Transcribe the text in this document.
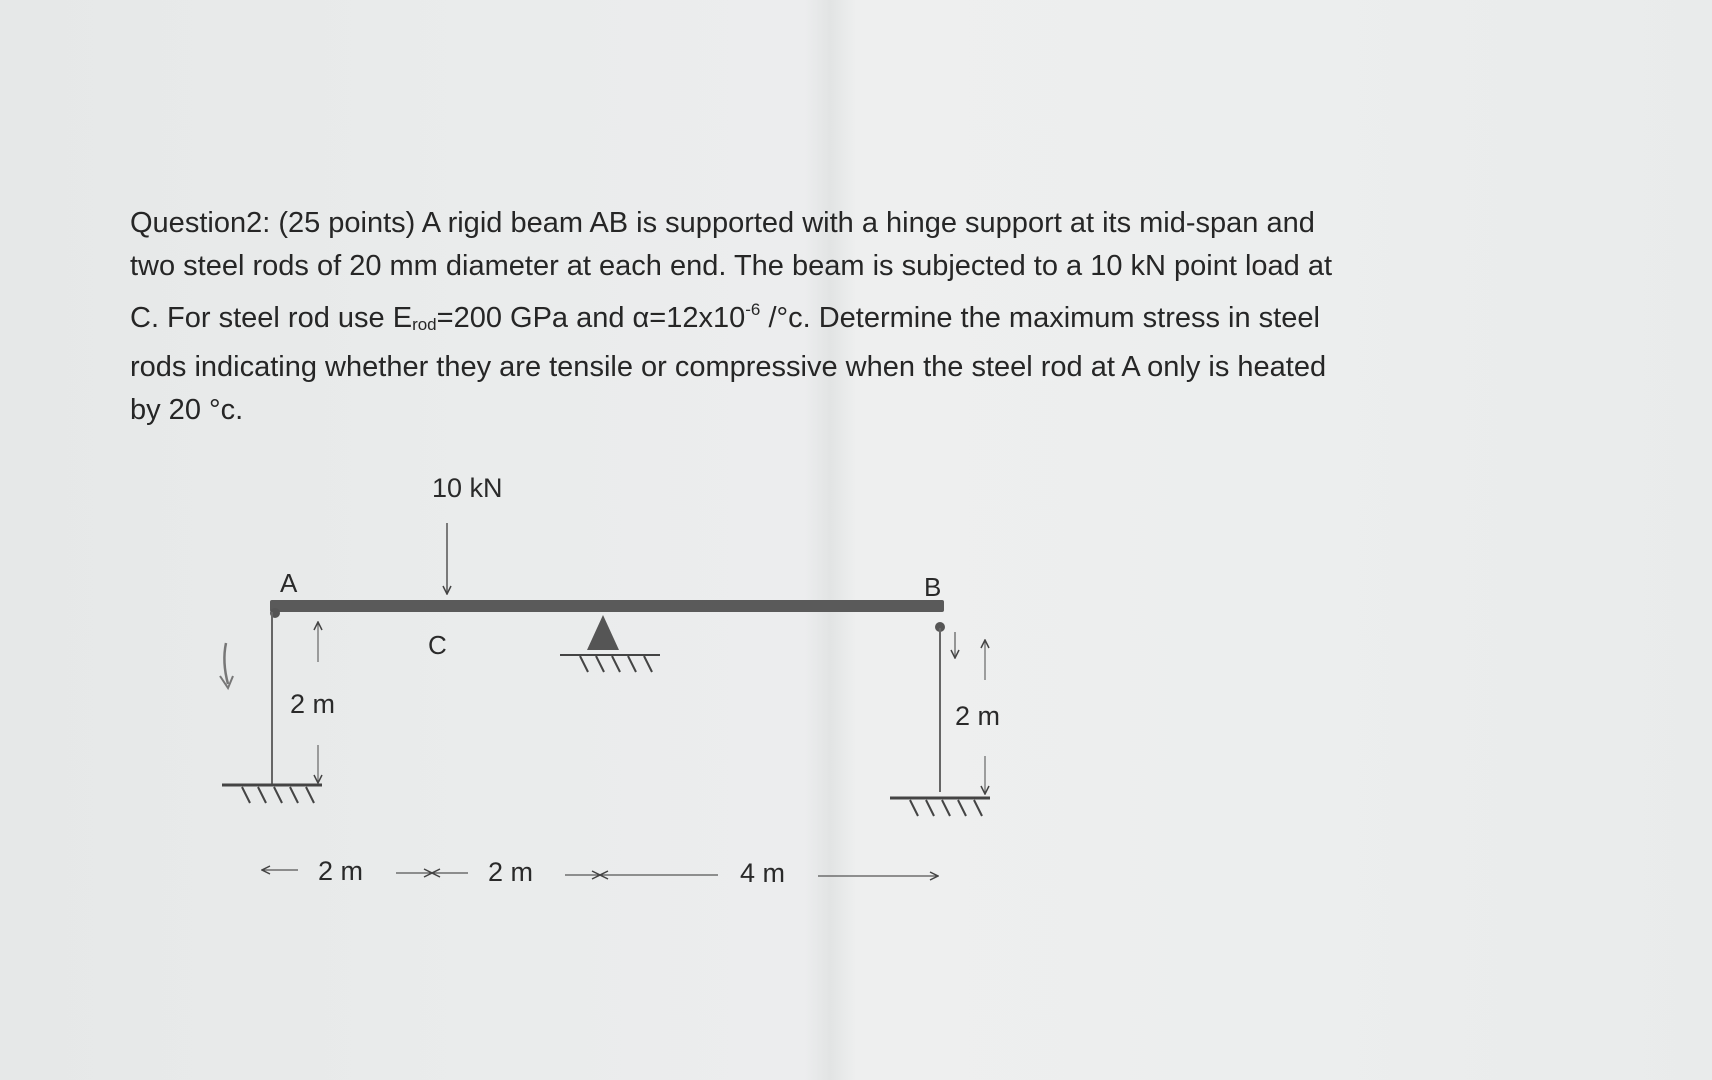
Question2: (25 points) A rigid beam AB is supported with a hinge support at its mid-span and
two steel rods of 20 mm diameter at each end. The beam is subjected to a 10 kN point load at
C. For steel rod use Erod=200 GPa and $\alpha=12x10^{-6}$ /°c. Determine the maximum stress in steel
rods indicating whether they are tensile or compressive when the steel rod at A only is heated
by 20 °c.

10 kN
A	B
C
2 m	2 m
2 m	2 m	4 m
